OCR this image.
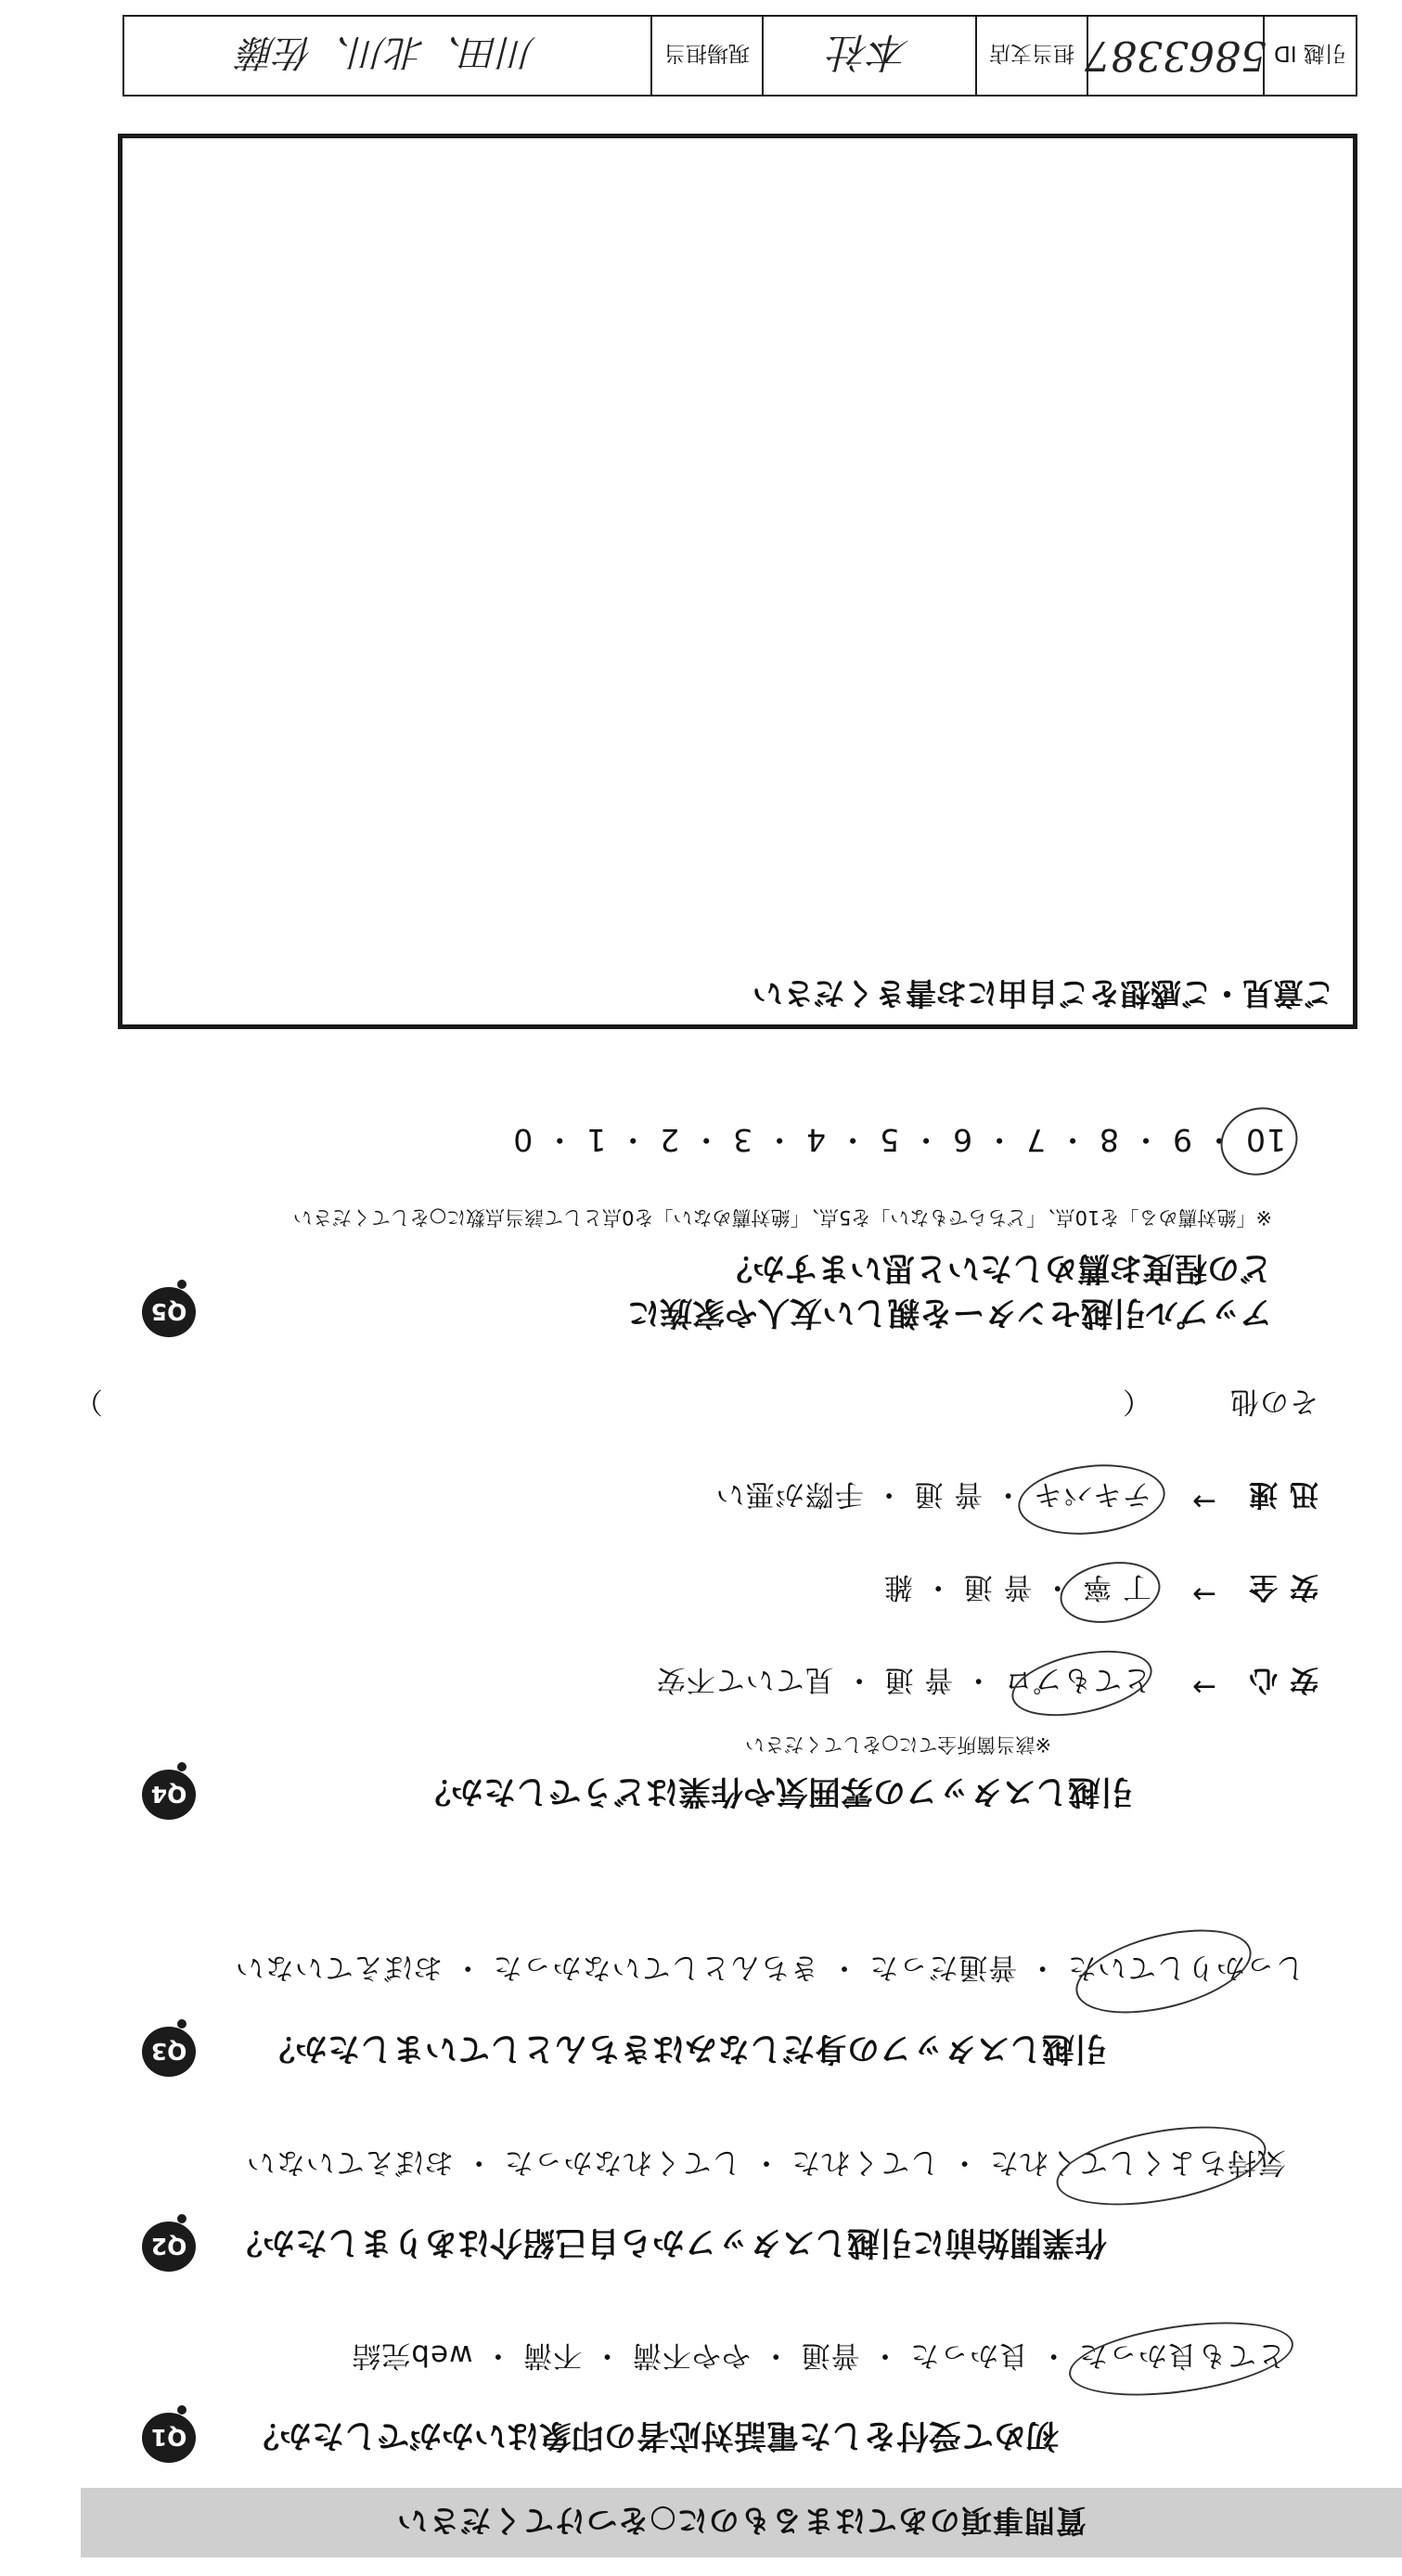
質問事項のあてはまるものに○をつけてください
Q1 初めて受付をした電話対応者の印象はいかがでしたか？
とても良かった ・ 良かった ・ 普通 ・ やや不満 ・ 不満 ・ web完結
Q2 作業開始前に引越しスタッフから自己紹介はありましたか？
気持ちよくしてくれた ・ してくれた ・ してくれなかった ・ おぼえていない
Q3 引越しスタッフの身だしなみはきちんとしていましたか？
しっかりしていた ・ 普通だった ・ きちんとしていなかった ・ おぼえていない
Q4	引越しスタッフの雰囲気や作業はどうでしたか？
※該当箇所全てに○をしてください
安 心
→
とてもプロ ・ 普 通 ・ 見ていて不安
安 全
→
丁 寧 ・ 普 通 ・ 雑
迅 速
→
テキパキ ・ 普 通 ・ 手際が悪い
その他
（
）
Q5	アップル引越センターを親しい友人や家族に
どの程度お薦めしたいと思いますか？
※「絶対薦める」を10点、「どちらでもない」を5点、「絶対薦めない」を0点として該当点数に○をしてください
10 ・ 9 ・ 8 ・ 7 ・ 6 ・ 5 ・ 4 ・ 3 ・ 2 ・ 1 ・ 0
ご意見・ご感想をご自由にお書きください
引越 ID
5863387
担当支店
本社
現場担当
川田、北川、佐藤
